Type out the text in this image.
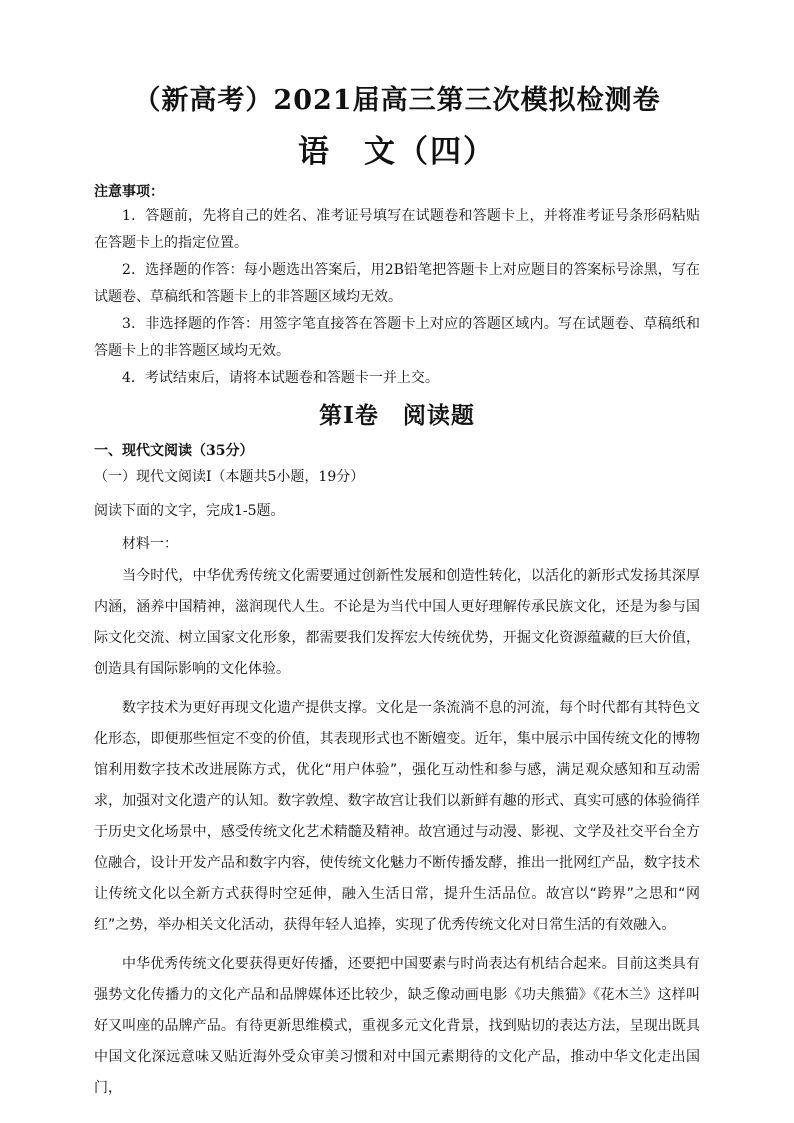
（新高考）2021届高三第三次模拟检测卷
语　文（四）
注意事项：

1．答题前，先将自己的姓名、准考证号填写在试题卷和答题卡上，并将准考证号条形码粘贴在答题卡上的指定位置。

2．选择题的作答：每小题选出答案后，用2B铅笔把答题卡上对应题目的答案标号涂黑，写在试题卷、草稿纸和答题卡上的非答题区域均无效。

3．非选择题的作答：用签字笔直接答在答题卡上对应的答题区域内。写在试题卷、草稿纸和答题卡上的非答题区域均无效。

4．考试结束后，请将本试题卷和答题卡一并上交。

第Ⅰ卷　阅读题
一、现代文阅读（35分）
（一）现代文阅读Ⅰ（本题共5小题，19分）
阅读下面的文字，完成1-5题。
材料一：

当今时代，中华优秀传统文化需要通过创新性发展和创造性转化，以活化的新形式发扬其深厚内涵，涵养中国精神，滋润现代人生。不论是为当代中国人更好理解传承民族文化，还是为参与国际文化交流、树立国家文化形象，都需要我们发挥宏大传统优势，开掘文化资源蕴藏的巨大价值，创造具有国际影响的文化体验。

数字技术为更好再现文化遗产提供支撑。文化是一条流淌不息的河流，每个时代都有其特色文化形态，即便那些恒定不变的价值，其表现形式也不断嬗变。近年，集中展示中国传统文化的博物馆利用数字技术改进展陈方式，优化“用户体验”，强化互动性和参与感，满足观众感知和互动需求，加强对文化遗产的认知。数字敦煌、数字故宫让我们以新鲜有趣的形式、真实可感的体验徜徉于历史文化场景中，感受传统文化艺术精髓及精神。故宫通过与动漫、影视、文学及社交平台全方位融合，设计开发产品和数字内容，使传统文化魅力不断传播发酵，推出一批网红产品，数字技术让传统文化以全新方式获得时空延伸，融入生活日常，提升生活品位。故宫以“跨界”之思和“网红”之势，举办相关文化活动，获得年轻人追捧，实现了优秀传统文化对日常生活的有效融入。

中华优秀传统文化要获得更好传播，还要把中国要素与时尚表达有机结合起来。目前这类具有强势文化传播力的文化产品和品牌媒体还比较少，缺乏像动画电影《功夫熊猫》《花木兰》这样叫好又叫座的品牌产品。有待更新思维模式，重视多元文化背景，找到贴切的表达方法，呈现出既具中国文化深远意味又贴近海外受众审美习惯和对中国元素期待的文化产品，推动中华文化走出国门，
